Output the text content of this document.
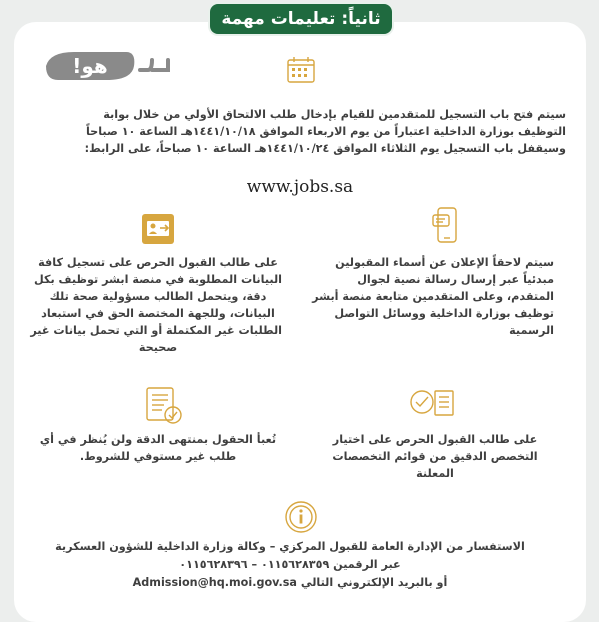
ثانياً: تعليمات مهمة
هو!
سيتم فتح باب التسجيل للمتقدمين للقيام بإدخال طلب الالتحاق الأولي من خلال بوابة
التوظيف بوزارة الداخلية اعتباراً من يوم الاربعاء الموافق ١٤٤١/١٠/١٨هـ الساعة ١٠ صباحاً
وسيقفل باب التسجيل يوم الثلاثاء الموافق ١٤٤١/١٠/٢٤هـ الساعة ١٠ صباحاً، على الرابط:
www.jobs.sa
سيتم لاحقاً الإعلان عن أسماء المقبولين
مبدئياً عبر إرسال رسالة نصية لجوال
المتقدم، وعلى المتقدمين متابعة منصة أبشر
توظيف بوزارة الداخلية ووسائل التواصل
الرسمية
على طالب القبول الحرص على تسجيل كافة
البيانات المطلوبة في منصة ابشر توظيف بكل
دقة، ويتحمل الطالب مسؤولية صحة تلك
البيانات، وللجهة المختصة الحق في استبعاد
الطلبات غير المكتملة أو التي تحمل بيانات غير
صحيحة
على طالب القبول الحرص على اختيار
التخصص الدقيق من قوائم التخصصات
المعلنة
تُعبأ الحقول بمنتهى الدقة ولن يُنظر في أي
طلب غير مستوفي للشروط.
الاستفسار من الإدارة العامة للقبول المركزي – وكالة وزارة الداخلية للشؤون العسكرية
عبر الرقمين ٠١١٥٦٢٨٣٥٩ – ٠١١٥٦٢٨٣٩٦
أو بالبريد الإلكتروني التالي Admission@hq.moi.gov.sa
